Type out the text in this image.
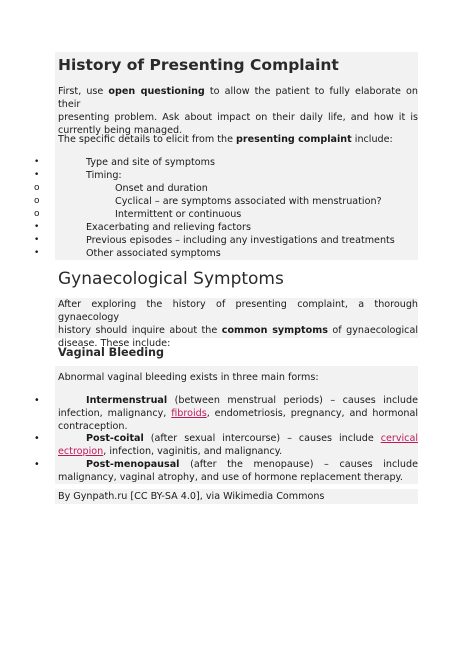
History of Presenting Complaint

First, use open questioning to allow the patient to fully elaborate on their
presenting problem. Ask about impact on their daily life, and how it is
currently being managed.

The specific details to elicit from the presenting complaint include:

•	Type and site of symptoms
•	Timing:
o	Onset and duration
o	Cyclical – are symptoms associated with menstruation?
o	Intermittent or continuous
•	Exacerbating and relieving factors
•	Previous episodes – including any investigations and treatments
•	Other associated symptoms
Gynaecological Symptoms

After exploring the history of presenting complaint, a thorough gynaecology
history should inquire about the common symptoms of gynaecological
disease. These include:

Vaginal Bleeding

Abnormal vaginal bleeding exists in three main forms:

•	Intermenstrual (between menstrual periods) – causes include
infection, malignancy, fibroids, endometriosis, pregnancy, and hormonal
contraception.

•	Post-coital (after sexual intercourse) – causes include cervical
ectropion, infection, vaginitis, and malignancy.

•	Post-menopausal (after the menopause) – causes include
malignancy, vaginal atrophy, and use of hormone replacement therapy.

By Gynpath.ru [CC BY-SA 4.0], via Wikimedia Commons
